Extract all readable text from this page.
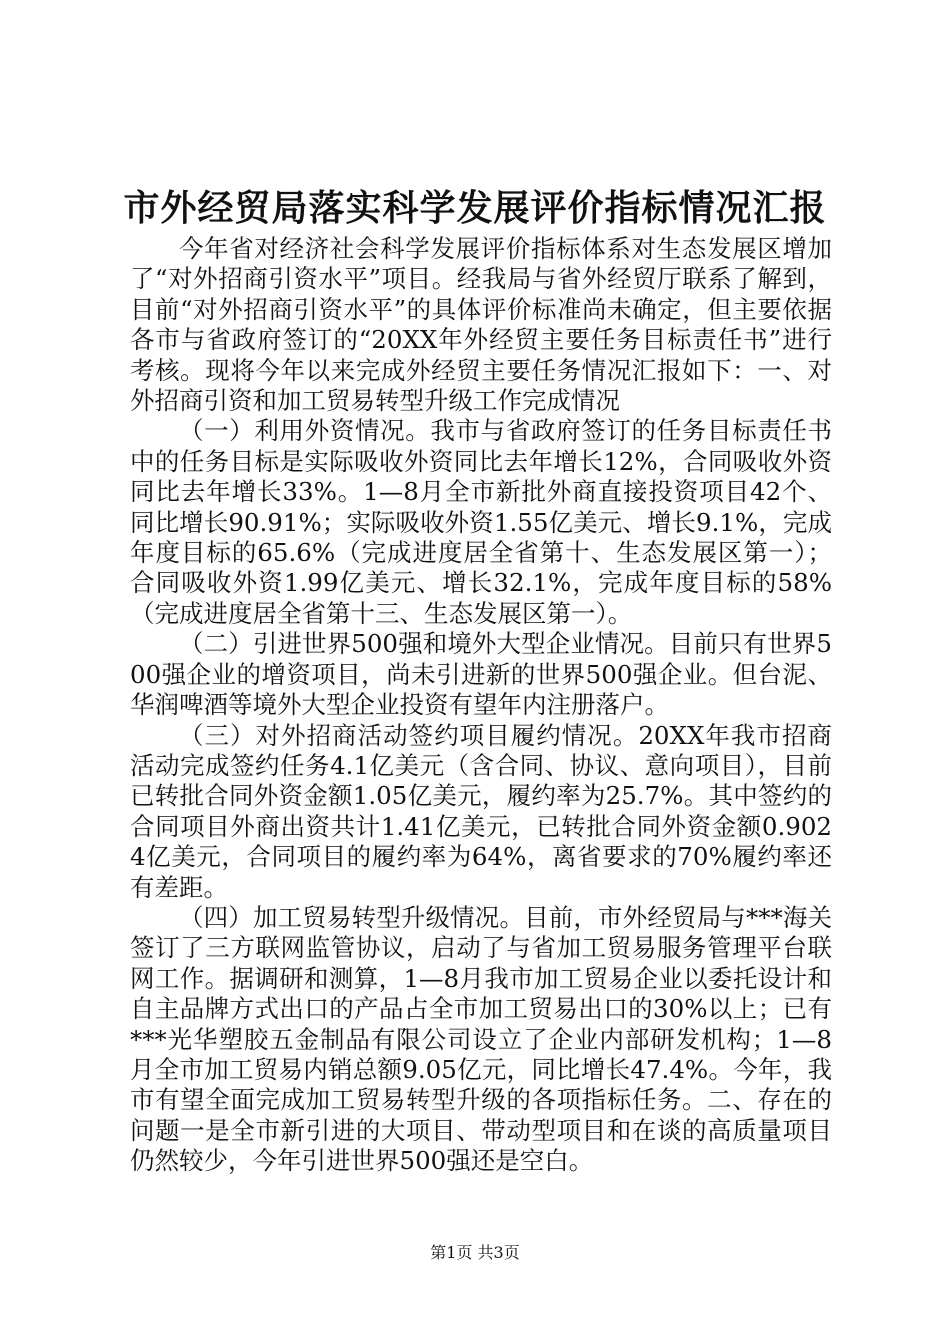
市外经贸局落实科学发展评价指标情况汇报

今年省对经济社会科学发展评价指标体系对生态发展区增加了“对外招商引资水平”项目。经我局与省外经贸厅联系了解到，目前“对外招商引资水平”的具体评价标准尚未确定，但主要依据各市与省政府签订的“20XX年外经贸主要任务目标责任书”进行考核。现将今年以来完成外经贸主要任务情况汇报如下：一、对外招商引资和加工贸易转型升级工作完成情况

（一）利用外资情况。我市与省政府签订的任务目标责任书中的任务目标是实际吸收外资同比去年增长12%，合同吸收外资同比去年增长33%。1—8月全市新批外商直接投资项目42个、同比增长90.91%；实际吸收外资1.55亿美元、增长9.1%，完成年度目标的65.6%（完成进度居全省第十、生态发展区第一）；合同吸收外资1.99亿美元、增长32.1%，完成年度目标的58%（完成进度居全省第十三、生态发展区第一）。

（二）引进世界500强和境外大型企业情况。目前只有世界500强企业的增资项目，尚未引进新的世界500强企业。但台泥、华润啤酒等境外大型企业投资有望年内注册落户。

（三）对外招商活动签约项目履约情况。20XX年我市招商活动完成签约任务4.1亿美元（含合同、协议、意向项目），目前已转批合同外资金额1.05亿美元，履约率为25.7%。其中签约的合同项目外商出资共计1.41亿美元，已转批合同外资金额0.9024亿美元，合同项目的履约率为64%，离省要求的70%履约率还有差距。

（四）加工贸易转型升级情况。目前，市外经贸局与***海关签订了三方联网监管协议，启动了与省加工贸易服务管理平台联网工作。据调研和测算，1—8月我市加工贸易企业以委托设计和自主品牌方式出口的产品占全市加工贸易出口的30%以上；已有***光华塑胶五金制品有限公司设立了企业内部研发机构；1—8月全市加工贸易内销总额9.05亿元，同比增长47.4%。今年，我市有望全面完成加工贸易转型升级的各项指标任务。二、存在的问题一是全市新引进的大项目、带动型项目和在谈的高质量项目仍然较少，今年引进世界500强还是空白。

第1页 共3页
